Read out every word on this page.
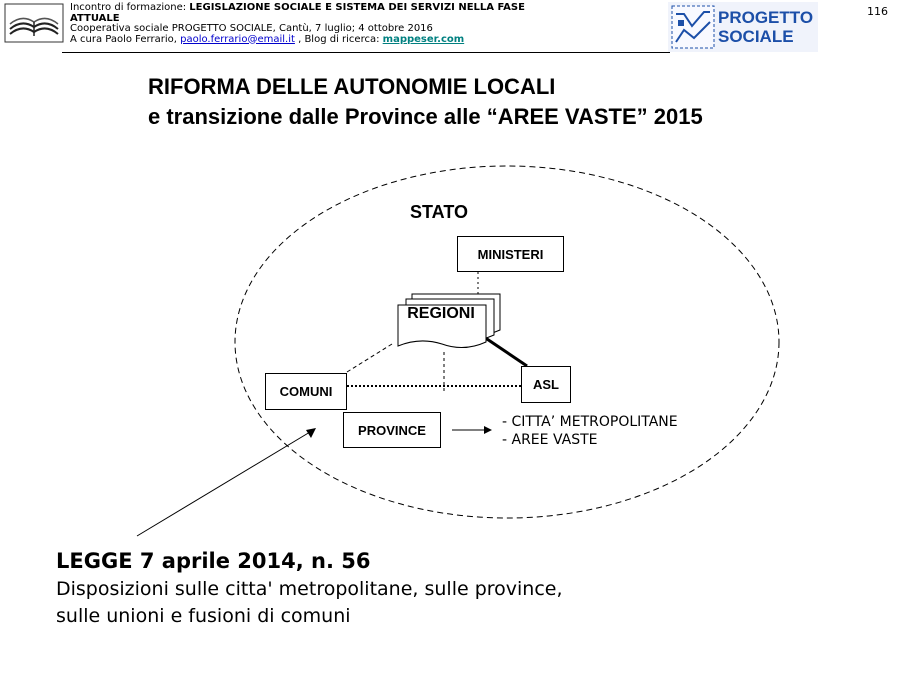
Incontro di formazione: LEGISLAZIONE SOCIALE E SISTEMA DEI SERVIZI NELLA FASE
ATTUALE
Cooperativa sociale PROGETTO SOCIALE, Cantù, 7 luglio; 4 ottobre 2016
A cura Paolo Ferrario, paolo.ferrario@email.it , Blog di ricerca: mappeser.com
PROGETTO
SOCIALE
116
RIFORMA DELLE AUTONOMIE LOCALI
e transizione dalle Province alle “AREE VASTE” 2015
STATO
MINISTERI
REGIONI
COMUNI	ASL
PROVINCE	- CITTA’ METROPOLITANE
- AREE VASTE
LEGGE 7 aprile 2014, n. 56
Disposizioni sulle citta' metropolitane, sulle province,
sulle unioni e fusioni di comuni
